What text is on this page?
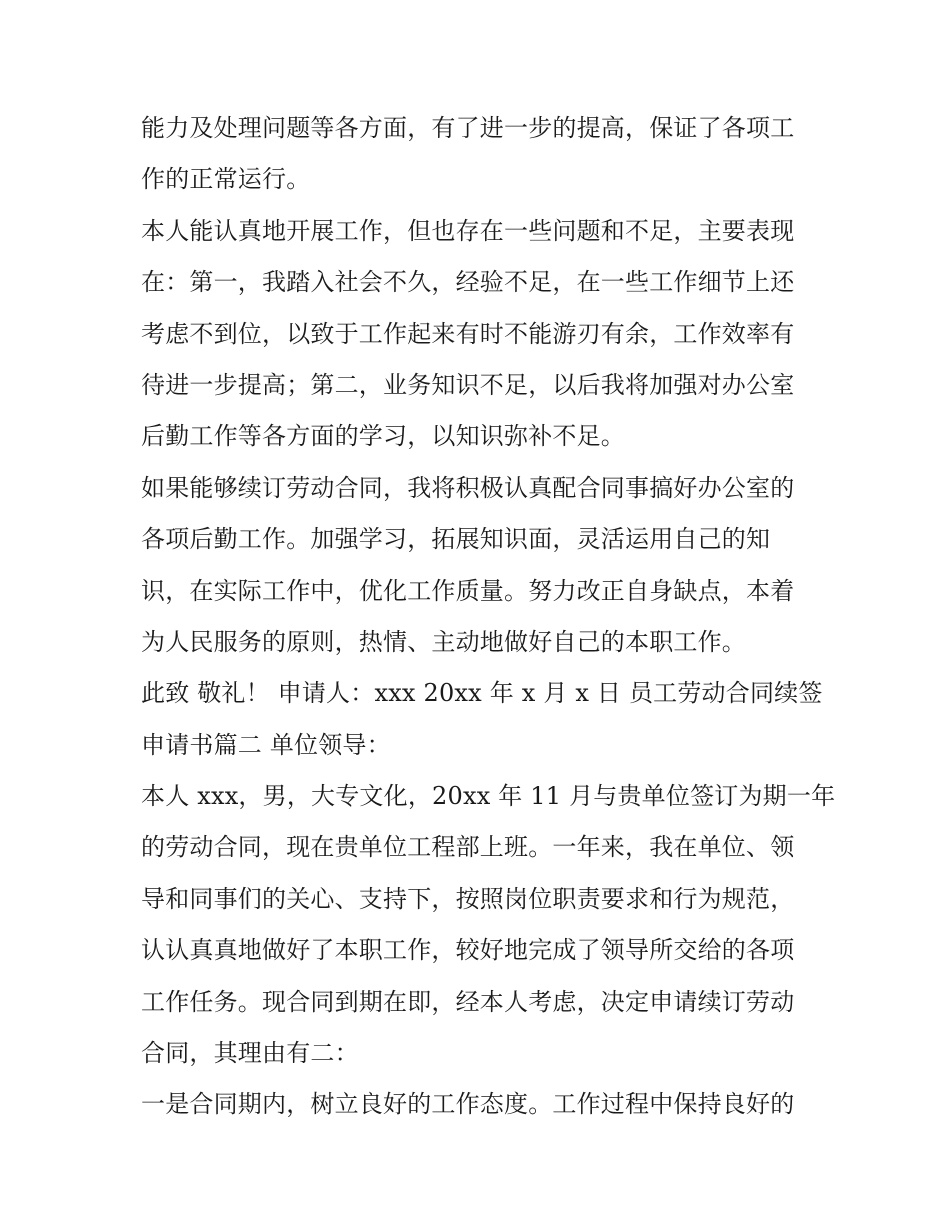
能力及处理问题等各方面，有了进一步的提高，保证了各项工
作的正常运行。
本人能认真地开展工作，但也存在一些问题和不足，主要表现
在：第一，我踏入社会不久，经验不足，在一些工作细节上还
考虑不到位，以致于工作起来有时不能游刃有余，工作效率有
待进一步提高；第二，业务知识不足，以后我将加强对办公室
后勤工作等各方面的学习，以知识弥补不足。
如果能够续订劳动合同，我将积极认真配合同事搞好办公室的
各项后勤工作。加强学习，拓展知识面，灵活运用自己的知
识，在实际工作中，优化工作质量。努力改正自身缺点，本着
为人民服务的原则，热情、主动地做好自己的本职工作。
此致 敬礼！ 申请人：xxx 20xx 年 x 月 x 日 员工劳动合同续签
申请书篇二 单位领导：
本人 xxx，男，大专文化，20xx 年 11 月与贵单位签订为期一年
的劳动合同，现在贵单位工程部上班。一年来，我在单位、领
导和同事们的关心、支持下，按照岗位职责要求和行为规范，
认认真真地做好了本职工作，较好地完成了领导所交给的各项
工作任务。现合同到期在即，经本人考虑，决定申请续订劳动
合同，其理由有二：
一是合同期内，树立良好的工作态度。工作过程中保持良好的
